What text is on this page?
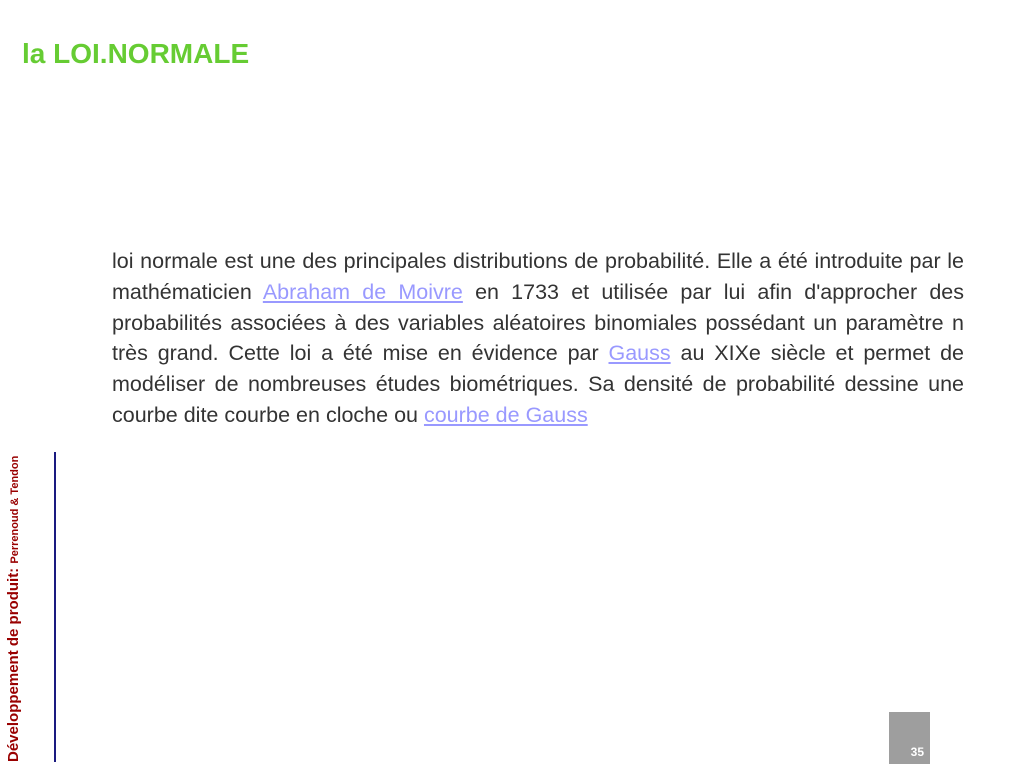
la LOI.NORMALE

loi normale est une des principales distributions de probabilité. Elle a été introduite par le mathématicien Abraham de Moivre en 1733 et utilisée par lui afin d'approcher des probabilités associées à des variables aléatoires binomiales possédant un paramètre n très grand. Cette loi a été mise en évidence par Gauss au XIXe siècle et permet de modéliser de nombreuses études biométriques. Sa densité de probabilité dessine une courbe dite courbe en cloche ou courbe de Gauss

Développement de produit: Perrenoud & Tendon
35
